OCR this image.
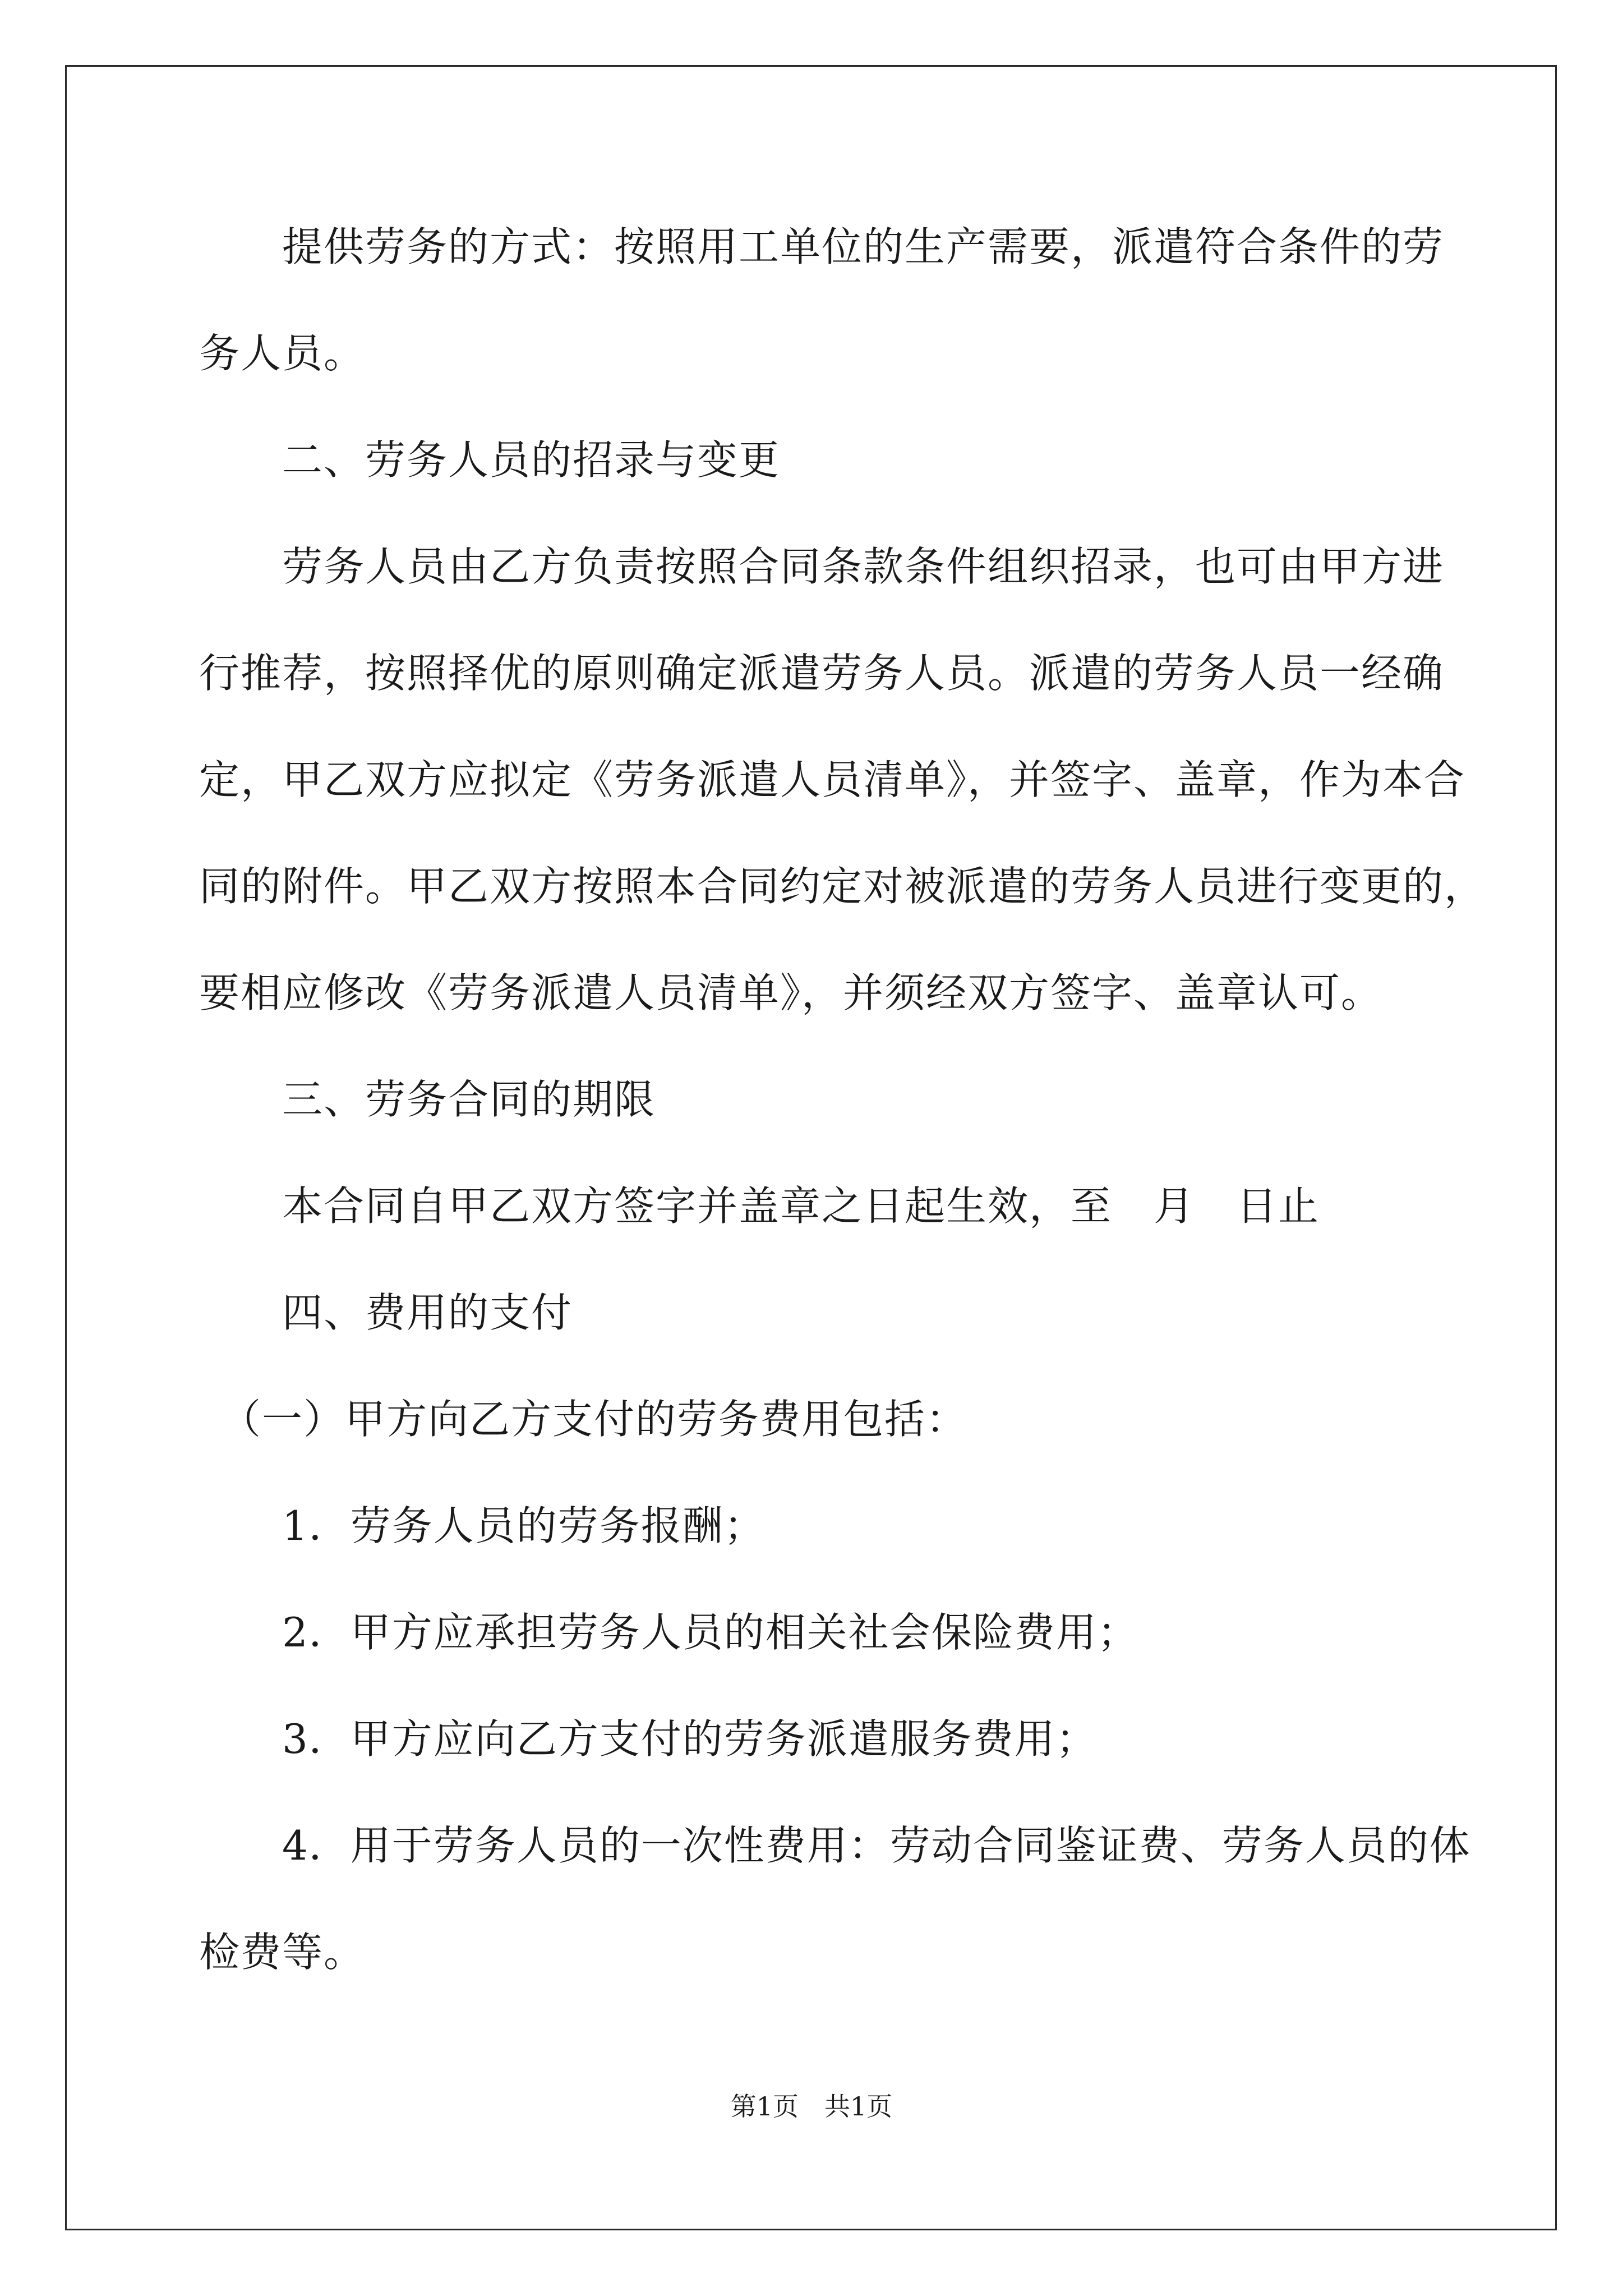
　　提供劳务的方式：按照用工单位的生产需要，派遣符合条件的劳
务人员。
　　二、劳务人员的招录与变更
　　劳务人员由乙方负责按照合同条款条件组织招录，也可由甲方进
行推荐，按照择优的原则确定派遣劳务人员。派遣的劳务人员一经确
定，甲乙双方应拟定《劳务派遣人员清单》，并签字、盖章，作为本合
同的附件。甲乙双方按照本合同约定对被派遣的劳务人员进行变更的，
要相应修改《劳务派遣人员清单》，并须经双方签字、盖章认可。
　　三、劳务合同的期限
　　本合同自甲乙双方签字并盖章之日起生效，至　月　日止
　　四、费用的支付
　（一）甲方向乙方支付的劳务费用包括：
　　1．劳务人员的劳务报酬；
　　2．甲方应承担劳务人员的相关社会保险费用；
　　3．甲方应向乙方支付的劳务派遣服务费用；
　　4．用于劳务人员的一次性费用：劳动合同鉴证费、劳务人员的体
检费等。
第1页　共1页
